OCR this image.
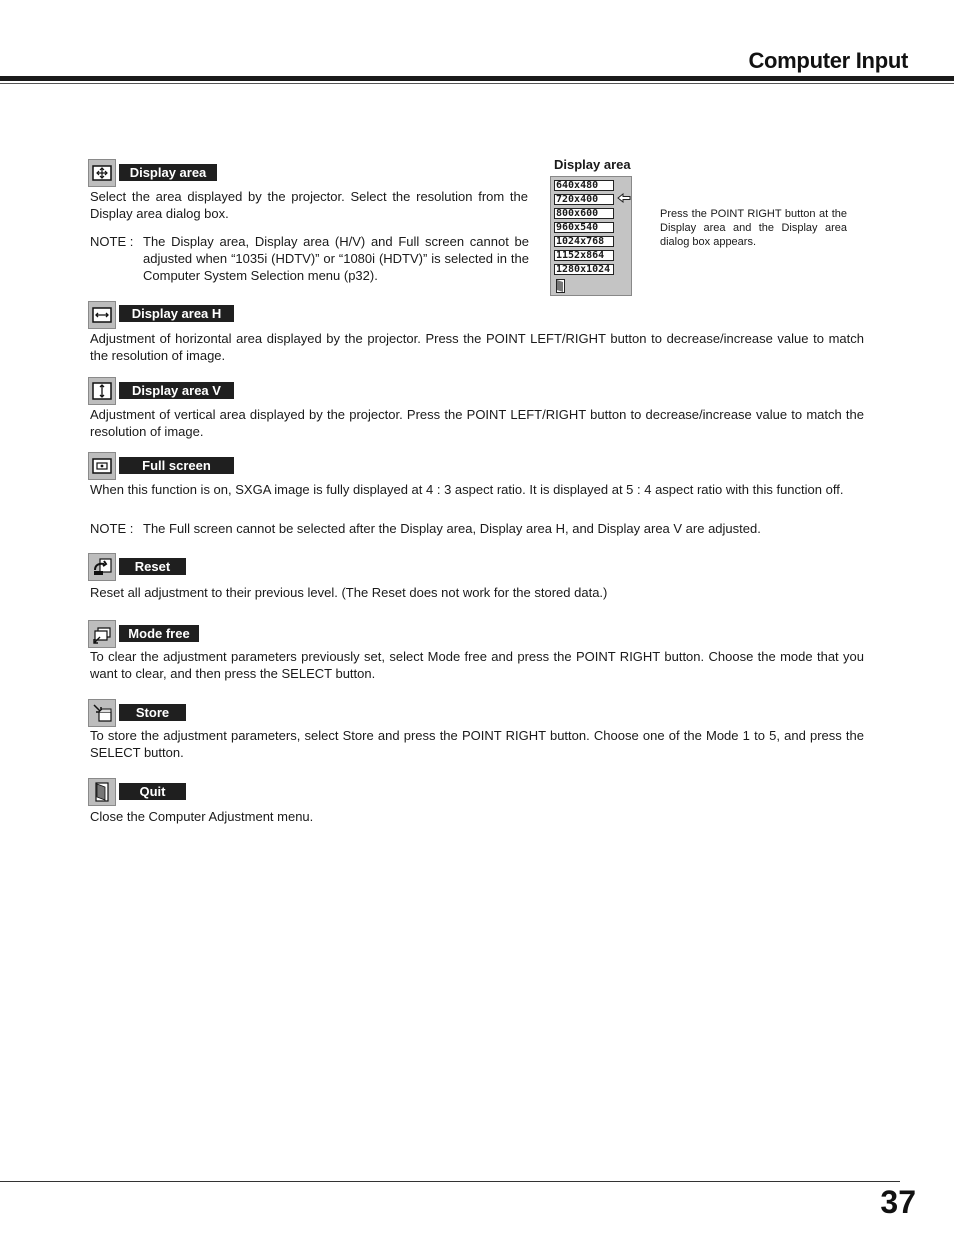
Computer Input
Display area

Select the area displayed by the projector. Select the resolution from the Display area dialog box.

NOTE : The Display area, Display area (H/V) and Full screen cannot be adjusted when “1035i (HDTV)” or “1080i (HDTV)” is selected in the Computer System Selection menu (p32).
Display area
640x480
720x400
800x600
960x540
1024x768
1152x864
1280x1024

Press the POINT RIGHT button at the Display area and the Display area dialog box appears.

Display area H

Adjustment of horizontal area displayed by the projector. Press the POINT LEFT/RIGHT button to decrease/increase value to match the resolution of image.

Display area V

Adjustment of vertical area displayed by the projector. Press the POINT LEFT/RIGHT button to decrease/increase value to match the resolution of image.

Full screen

When this function is on, SXGA image is fully displayed at 4 : 3 aspect ratio. It is displayed at 5 : 4 aspect ratio with this function off.

NOTE : The Full screen cannot be selected after the Display area, Display area H, and Display area V are adjusted.
Reset

Reset all adjustment to their previous level. (The Reset does not work for the stored data.)

Mode free

To clear the adjustment parameters previously set, select Mode free and press the POINT RIGHT button. Choose the mode that you want to clear, and then press the SELECT button.

Store

To store the adjustment parameters, select Store and press the POINT RIGHT button. Choose one of the Mode 1 to 5, and press the SELECT button.

Quit

Close the Computer Adjustment menu.

37
